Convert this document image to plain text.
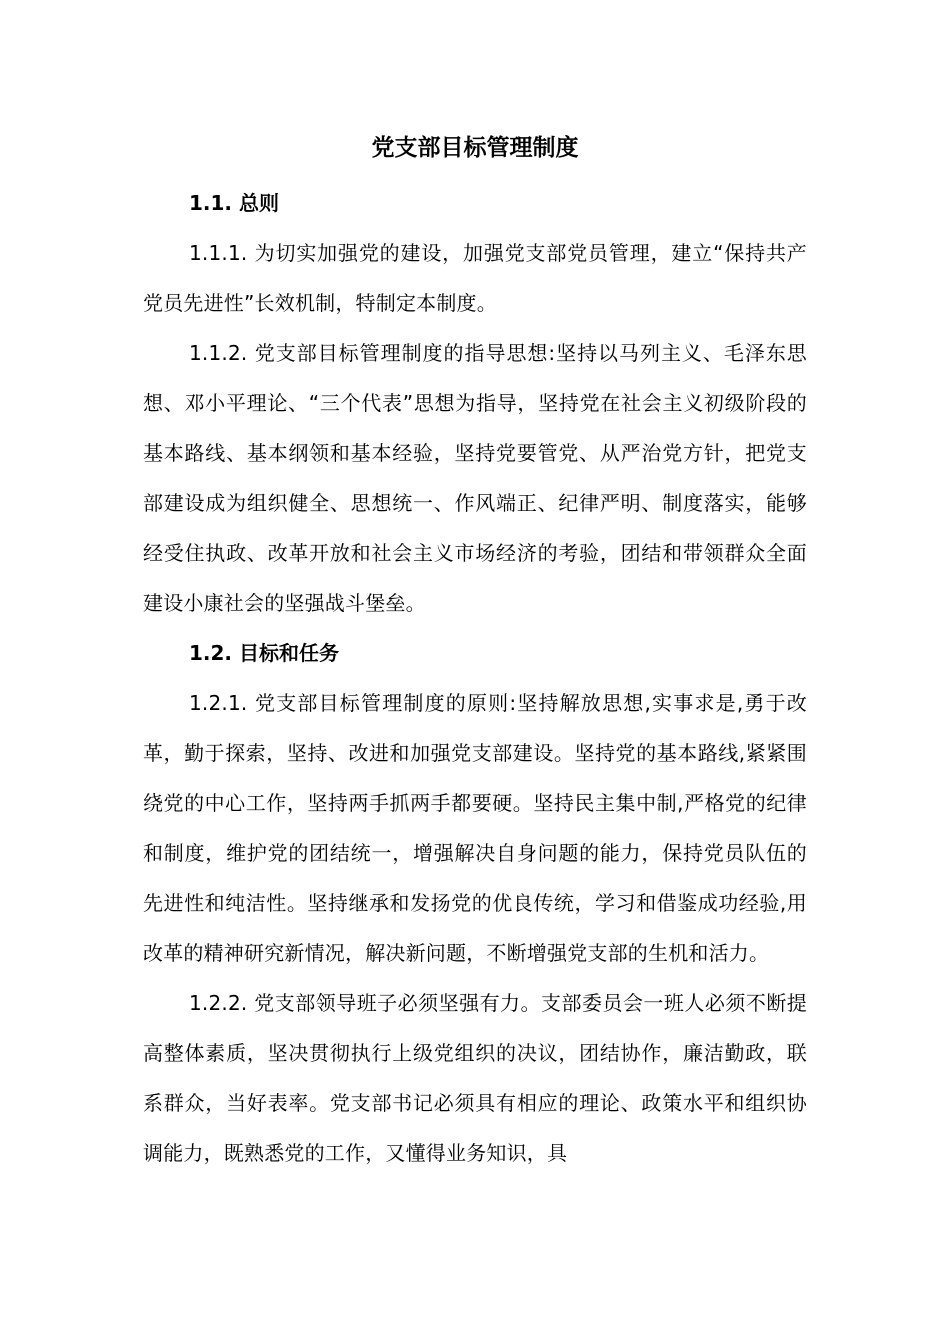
党支部目标管理制度
1.1. 总则

1.1.1. 为切实加强党的建设，加强党支部党员管理，建立“保持共产党员先进性”长效机制，特制定本制度。

1.1.2. 党支部目标管理制度的指导思想:坚持以马列主义、毛泽东思想、邓小平理论、“三个代表”思想为指导，坚持党在社会主义初级阶段的基本路线、基本纲领和基本经验，坚持党要管党、从严治党方针，把党支部建设成为组织健全、思想统一、作风端正、纪律严明、制度落实，能够经受住执政、改革开放和社会主义市场经济的考验，团结和带领群众全面建设小康社会的坚强战斗堡垒。

1.2. 目标和任务

1.2.1. 党支部目标管理制度的原则:坚持解放思想,实事求是,勇于改革，勤于探索，坚持、改进和加强党支部建设。坚持党的基本路线,紧紧围绕党的中心工作，坚持两手抓两手都要硬。坚持民主集中制,严格党的纪律和制度，维护党的团结统一，增强解决自身问题的能力，保持党员队伍的先进性和纯洁性。坚持继承和发扬党的优良传统，学习和借鉴成功经验,用改革的精神研究新情况，解决新问题，不断增强党支部的生机和活力。

1.2.2. 党支部领导班子必须坚强有力。支部委员会一班人必须不断提高整体素质，坚决贯彻执行上级党组织的决议，团结协作，廉洁勤政，联系群众，当好表率。党支部书记必须具有相应的理论、政策水平和组织协调能力，既熟悉党的工作，又懂得业务知识，具
